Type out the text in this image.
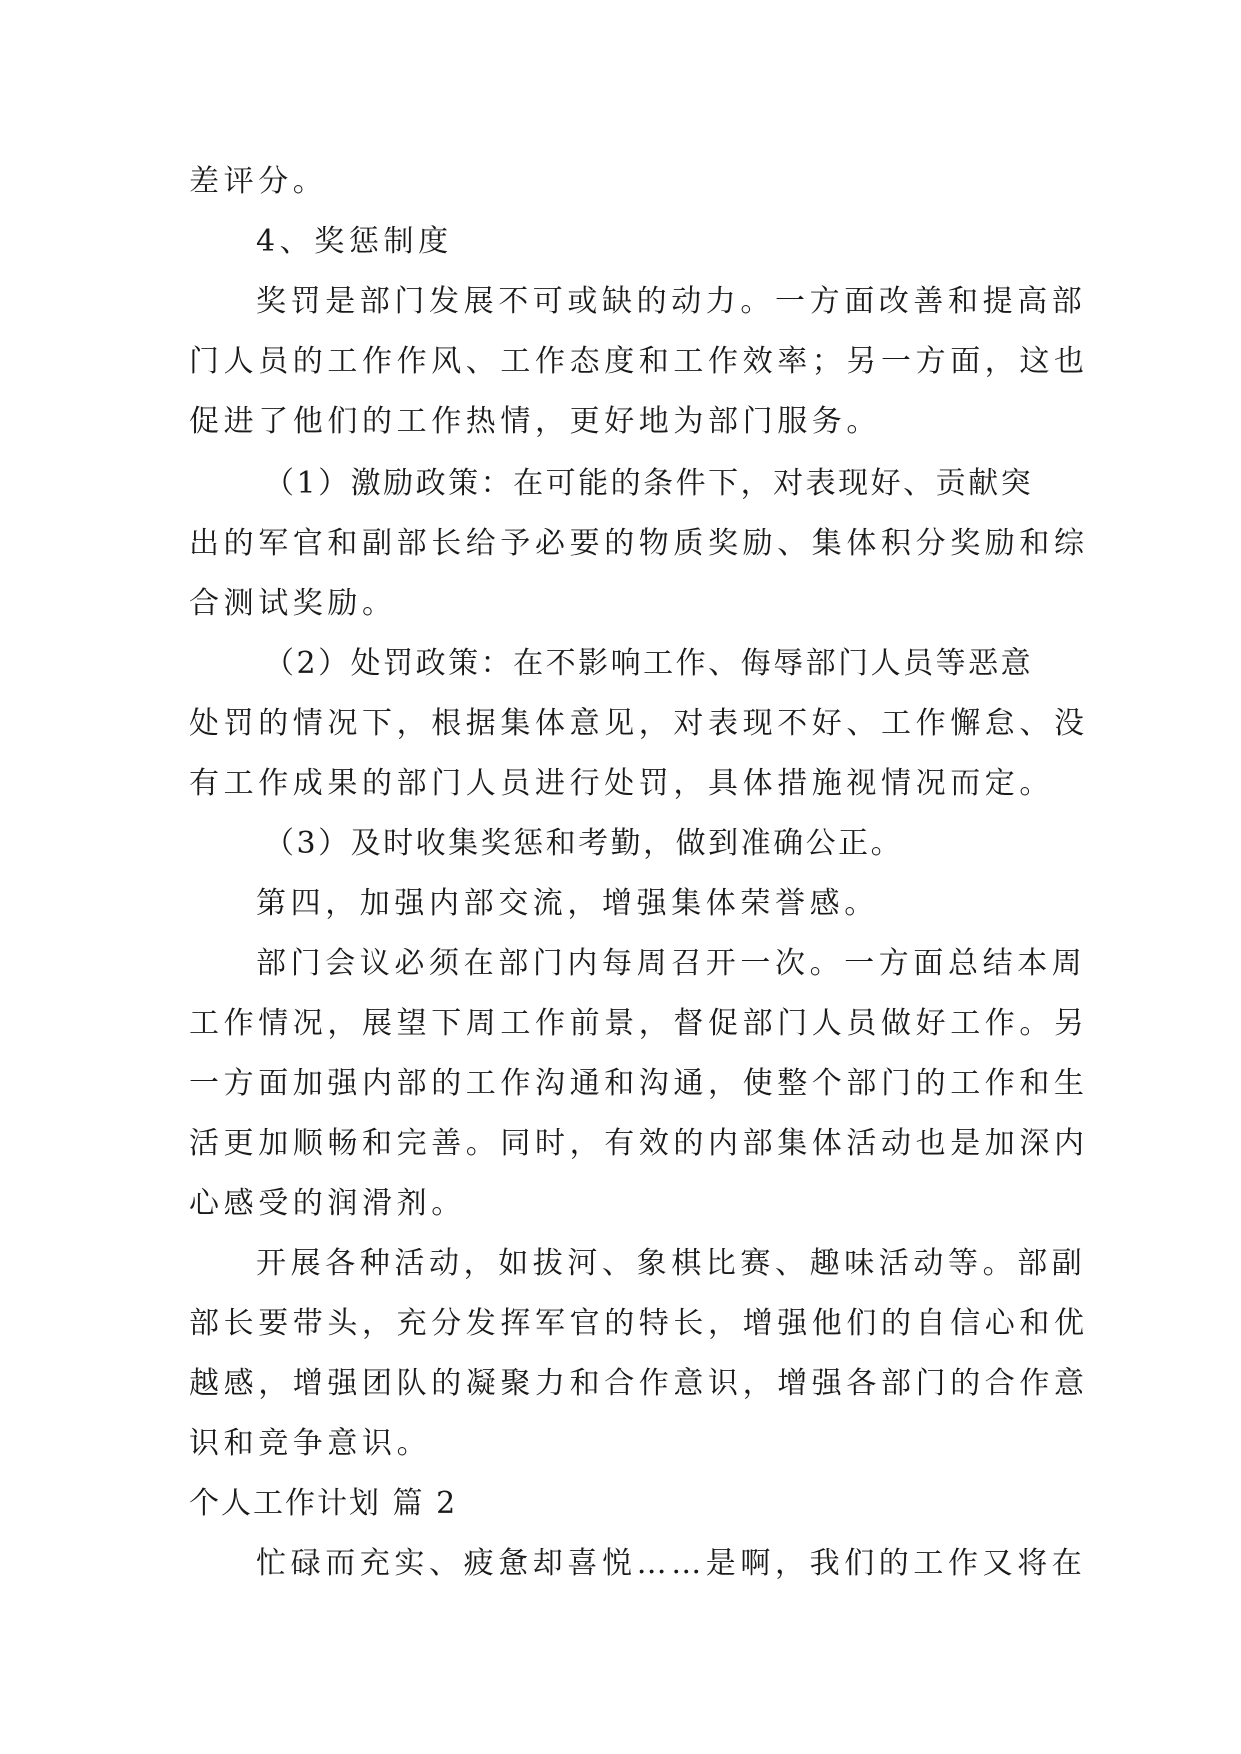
差评分。
4、奖惩制度
奖罚是部门发展不可或缺的动力。一方面改善和提高部
门人员的工作作风、工作态度和工作效率；另一方面，这也
促进了他们的工作热情，更好地为部门服务。
（1）激励政策：在可能的条件下，对表现好、贡献突
出的军官和副部长给予必要的物质奖励、集体积分奖励和综
合测试奖励。
（2）处罚政策：在不影响工作、侮辱部门人员等恶意
处罚的情况下，根据集体意见，对表现不好、工作懈怠、没
有工作成果的部门人员进行处罚，具体措施视情况而定。
（3）及时收集奖惩和考勤，做到准确公正。
第四，加强内部交流，增强集体荣誉感。
部门会议必须在部门内每周召开一次。一方面总结本周
工作情况，展望下周工作前景，督促部门人员做好工作。另
一方面加强内部的工作沟通和沟通，使整个部门的工作和生
活更加顺畅和完善。同时，有效的内部集体活动也是加深内
心感受的润滑剂。
开展各种活动，如拔河、象棋比赛、趣味活动等。部副
部长要带头，充分发挥军官的特长，增强他们的自信心和优
越感，增强团队的凝聚力和合作意识，增强各部门的合作意
识和竞争意识。
个人工作计划 篇 2
忙碌而充实、疲惫却喜悦……是啊，我们的工作又将在
